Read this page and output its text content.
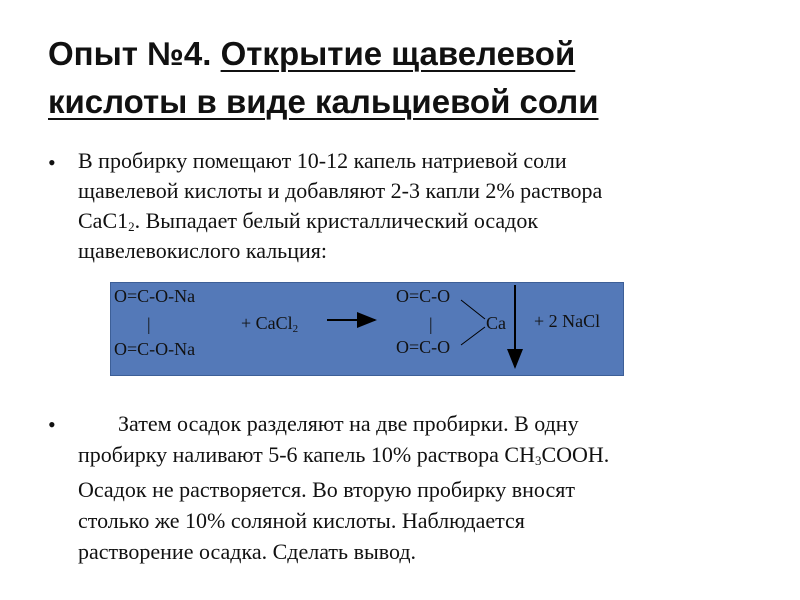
Опыт №4. Открытие щавелевой
кислоты в виде кальциевой соли
• В пробирку помещают 10-12 капель натриевой соли
щавелевой кислоты и добавляют 2-3 капли 2% раствора
$СаС1_2$. Выпадает белый кристаллический осадок
щавелевокислого кальция:
O=C-O-Na
|
O=C-O-Na
+ CaCl$_2$
O=C-O
|
O=C-O
Ca + 2 NaCl
•	Затем осадок разделяют на две пробирки. В одну
пробирку наливают 5-6 капель 10% раствора $СН_3СООН$.
Осадок не растворяется. Во вторую пробирку вносят
столько же 10% соляной кислоты. Наблюдается
растворение осадка. Сделать вывод.
